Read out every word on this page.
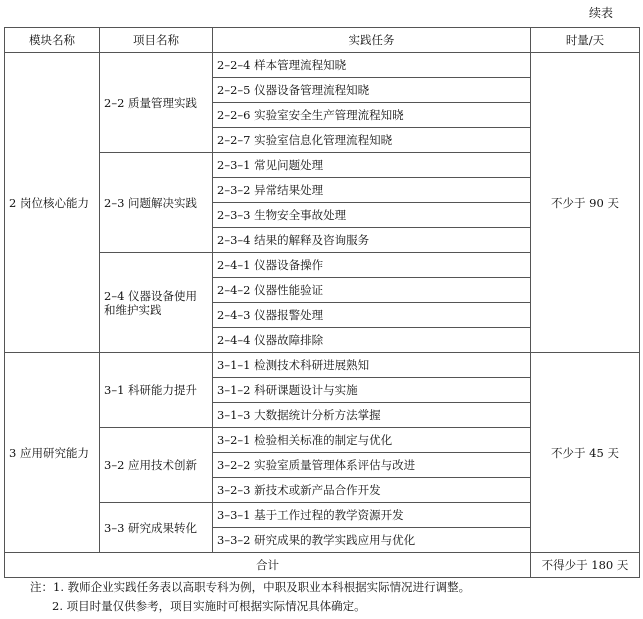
续表
模块名称	项目名称	实践任务	时量/天
2 岗位核心能力	2–2 质量管理实践	2–2–4 样本管理流程知晓	不少于 90 天
		2–2–5 仪器设备管理流程知晓	
		2–2–6 实验室安全生产管理流程知晓	
		2–2–7 实验室信息化管理流程知晓	
	2–3 问题解决实践	2–3–1 常见问题处理	
		2–3–2 异常结果处理	
		2–3–3 生物安全事故处理	
		2–3–4 结果的解释及咨询服务	
	2–4 仪器设备使用和维护实践	2–4–1 仪器设备操作	
		2–4–2 仪器性能验证	
		2–4–3 仪器报警处理	
		2–4–4 仪器故障排除	
3 应用研究能力	3–1 科研能力提升	3–1–1 检测技术科研进展熟知	不少于 45 天
		3–1–2 科研课题设计与实施	
		3–1–3 大数据统计分析方法掌握	
	3–2 应用技术创新	3–2–1 检验相关标准的制定与优化	
		3–2–2 实验室质量管理体系评估与改进	
		3–2–3 新技术或新产品合作开发	
	3–3 研究成果转化	3–3–1 基于工作过程的教学资源开发	
		3–3–2 研究成果的教学实践应用与优化	
合计			不得少于 180 天
注：1. 教师企业实践任务表以高职专科为例，中职及职业本科根据实际情况进行调整。
2. 项目时量仅供参考，项目实施时可根据实际情况具体确定。
